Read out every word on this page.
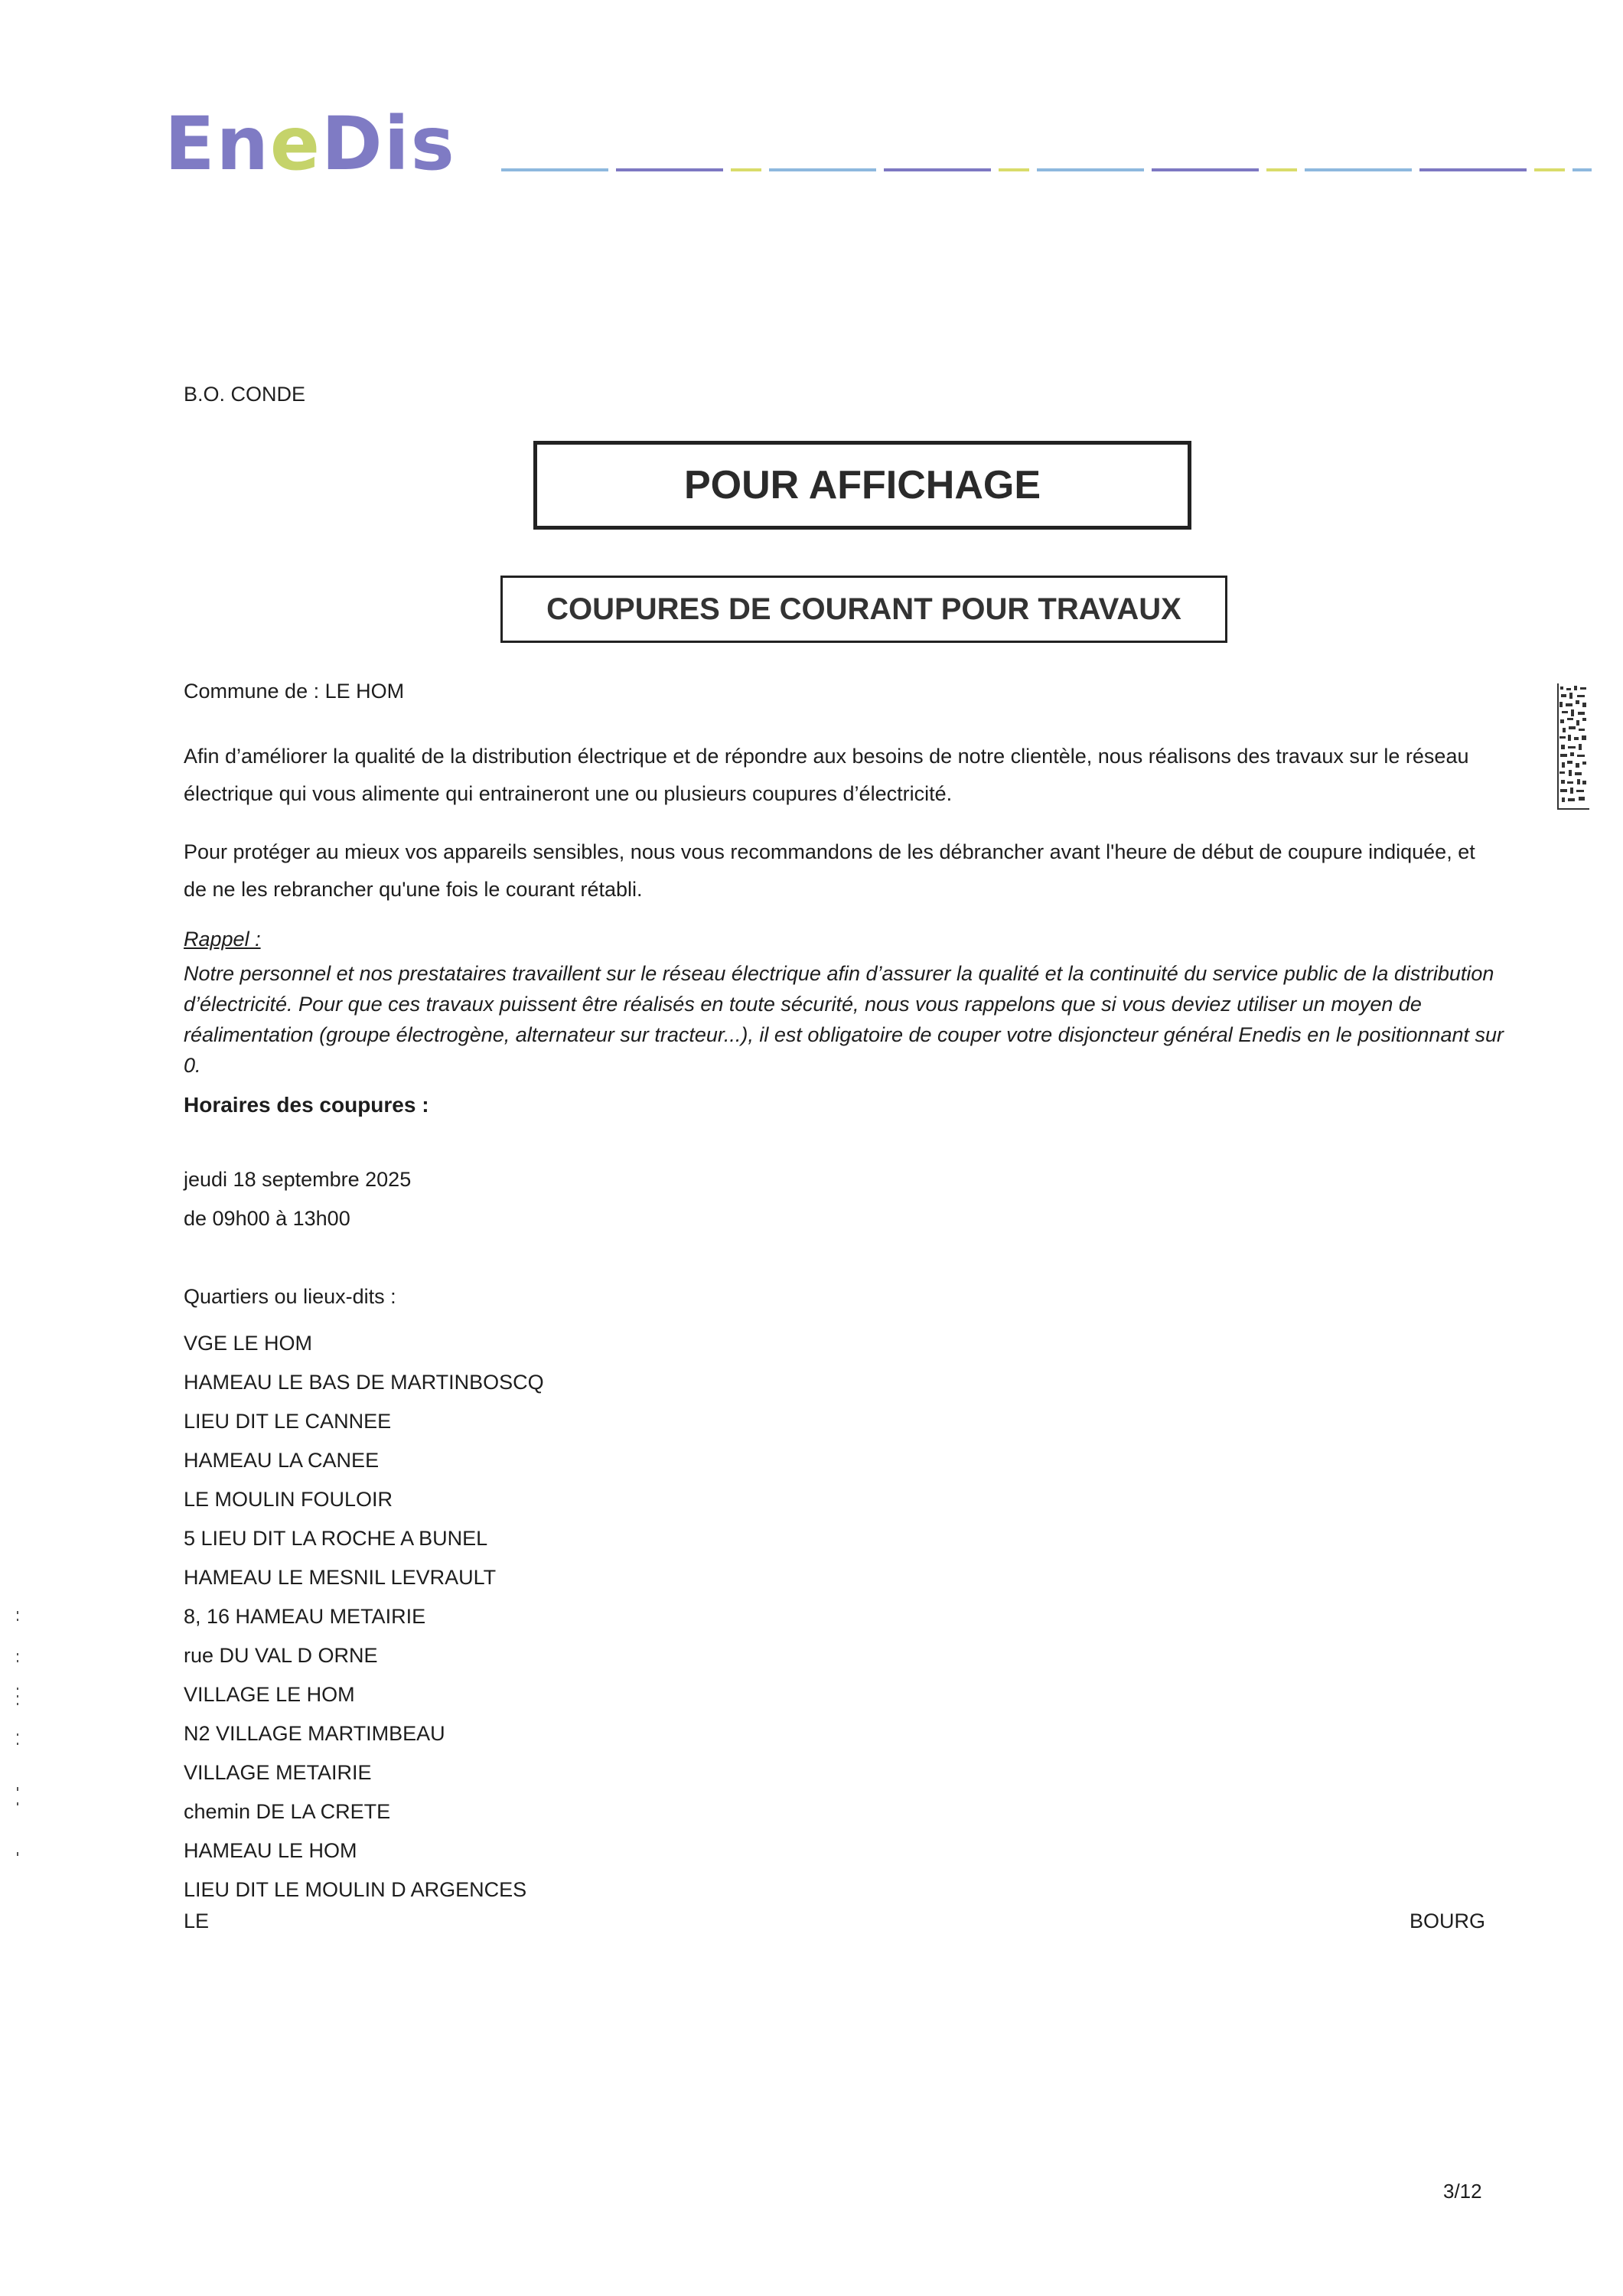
EneDis
B.O. CONDE
POUR AFFICHAGE
COUPURES DE COURANT POUR TRAVAUX
Commune de : LE HOM
Afin d’améliorer la qualité de la distribution électrique et de répondre aux besoins de notre clientèle, nous réalisons des travaux sur le réseau électrique qui vous alimente qui entraineront une ou plusieurs coupures d’électricité.
Pour protéger au mieux vos appareils sensibles, nous vous recommandons de les débrancher avant l'heure de début de coupure indiquée, et de ne les rebrancher qu'une fois le courant rétabli.
Rappel :
Notre personnel et nos prestataires travaillent sur le réseau électrique afin d’assurer la qualité et la continuité du service public de la distribution d’électricité. Pour que ces travaux puissent être réalisés en toute sécurité, nous vous rappelons que si vous deviez utiliser un moyen de réalimentation (groupe électrogène, alternateur sur tracteur...), il est obligatoire de couper votre disjoncteur général Enedis en le positionnant sur 0.
Horaires des coupures :
jeudi 18 septembre 2025
de 09h00 à 13h00
Quartiers ou lieux-dits :
VGE LE HOM
HAMEAU LE BAS DE MARTINBOSCQ
LIEU DIT LE CANNEE
HAMEAU LA CANEE
LE MOULIN FOULOIR
5 LIEU DIT LA ROCHE A BUNEL
HAMEAU LE MESNIL LEVRAULT
8, 16 HAMEAU METAIRIE
rue DU VAL D ORNE
VILLAGE LE HOM
N2 VILLAGE MARTIMBEAU
VILLAGE METAIRIE
chemin DE LA CRETE
HAMEAU LE HOM
LIEU DIT LE MOULIN D ARGENCES
LE	BOURG
3/12
